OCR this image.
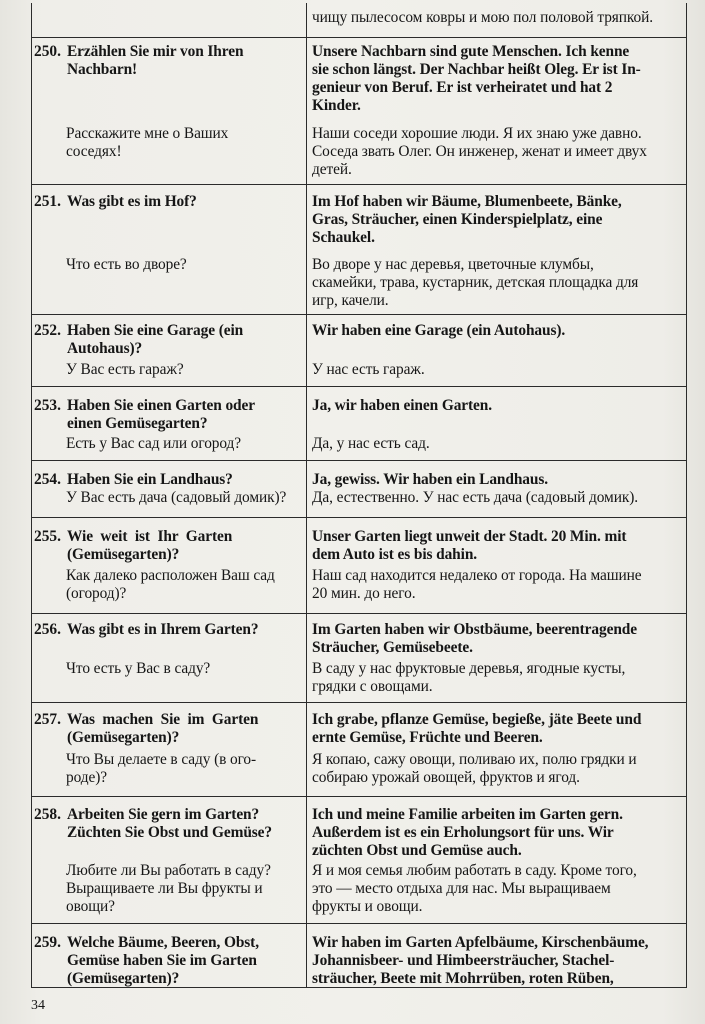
чищу пылесосом ковры и мою пол половой тряпкой.
250. Erzählen Sie mir von Ihren
Nachbarn!
Расскажите мне о Ваших
соседях!
Unsere Nachbarn sind gute Menschen. Ich kenne
sie schon längst. Der Nachbar heißt Oleg. Er ist In-
genieur von Beruf. Er ist verheiratet und hat 2
Kinder.
Наши соседи хорошие люди. Я их знаю уже давно.
Соседа звать Олег. Он инженер, женат и имеет двух
детей.
251. Was gibt es im Hof?
Что есть во дворе?
Im Hof haben wir Bäume, Blumenbeete, Bänke,
Gras, Sträucher, einen Kinderspielplatz, eine
Schaukel.
Во дворе у нас деревья, цветочные клумбы,
скамейки, трава, кустарник, детская площадка для
игр, качели.
252. Haben Sie eine Garage (ein
Autohaus)?
У Вас есть гараж?
Wir haben eine Garage (ein Autohaus).
У нас есть гараж.
253. Haben Sie einen Garten oder
einen Gemüsegarten?
Есть у Вас сад или огород?
Ja, wir haben einen Garten.
Да, у нас есть сад.
254. Haben Sie ein Landhaus?
У Вас есть дача (садовый домик)?
Ja, gewiss. Wir haben ein Landhaus.
Да, естественно. У нас есть дача (садовый домик).
255. Wie  weit  ist  Ihr  Garten
(Gemüsegarten)?
Как далеко расположен Ваш сад
(огород)?
Unser Garten liegt unweit der Stadt. 20 Min. mit
dem Auto ist es bis dahin.
Наш сад находится недалеко от города. На машине
20 мин. до него.
256. Was gibt es in Ihrem Garten?
Что есть у Вас в саду?
Im Garten haben wir Obstbäume, beerentragende
Sträucher, Gemüsebeete.
В саду у нас фруктовые деревья, ягодные кусты,
грядки с овощами.
257. Was  machen  Sie  im  Garten
(Gemüsegarten)?
Что Вы делаете в саду (в ого-
роде)?
Ich grabe, pflanze Gemüse, begieße, jäte Beete und
ernte Gemüse, Früchte und Beeren.
Я копаю, сажу овощи, поливаю их, полю грядки и
собираю урожай овощей, фруктов и ягод.
258. Arbeiten Sie gern im Garten?
Züchten Sie Obst und Gemüse?
Любите ли Вы работать в саду?
Выращиваете ли Вы фрукты и
овощи?
Ich und meine Familie arbeiten im Garten gern.
Außerdem ist es ein Erholungsort für uns. Wir
züchten Obst und Gemüse auch.
Я и моя семья любим работать в саду. Кроме того,
это — место отдыха для нас. Мы выращиваем
фрукты и овощи.
259. Welche Bäume, Beeren, Obst,
Gemüse haben Sie im Garten
(Gemüsegarten)?
Wir haben im Garten Apfelbäume, Kirschenbäume,
Johannisbeer- und Himbeersträucher, Stachel-
sträucher, Beete mit Mohrrüben, roten Rüben,
34
